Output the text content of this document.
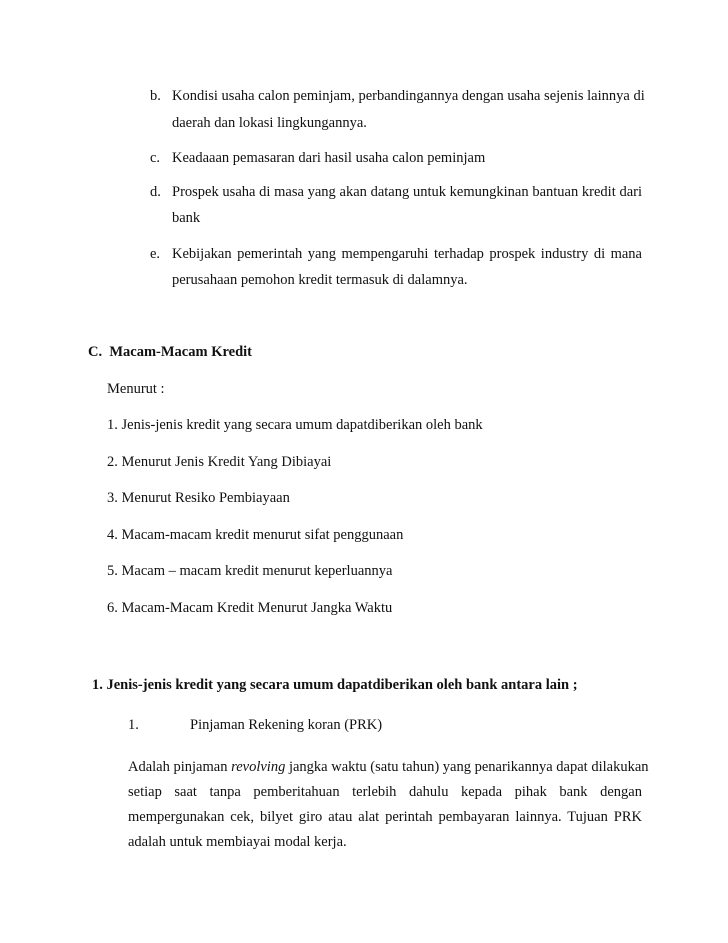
b. Kondisi usaha calon peminjam, perbandingannya dengan usaha sejenis lainnya di
daerah dan lokasi lingkungannya.
c. Keadaaan pemasaran dari hasil usaha calon peminjam
d. Prospek usaha di masa yang akan datang untuk kemungkinan bantuan kredit dari
bank
e. Kebijakan pemerintah yang mempengaruhi terhadap prospek industry di mana
perusahaan pemohon kredit termasuk di dalamnya.
C.  Macam-Macam Kredit
Menurut :
1. Jenis-jenis kredit yang secara umum dapatdiberikan oleh bank
2. Menurut Jenis Kredit Yang Dibiayai
3. Menurut Resiko Pembiayaan
4. Macam-macam kredit menurut sifat penggunaan
5. Macam – macam kredit menurut keperluannya
6. Macam-Macam Kredit Menurut Jangka Waktu
1. Jenis-jenis kredit yang secara umum dapatdiberikan oleh bank antara lain ;
1.	Pinjaman Rekening koran (PRK)
Adalah pinjaman revolving jangka waktu (satu tahun) yang penarikannya dapat dilakukan
setiap saat tanpa pemberitahuan terlebih dahulu kepada pihak bank dengan
mempergunakan cek, bilyet giro atau alat perintah pembayaran lainnya. Tujuan PRK
adalah untuk membiayai modal kerja.
